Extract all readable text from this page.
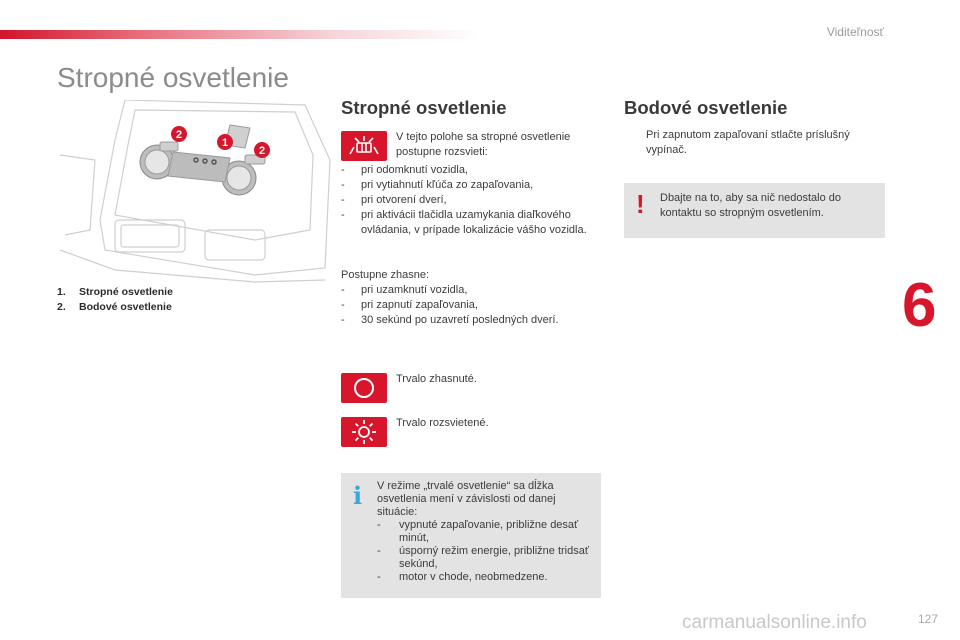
Viditeľnosť
Stropné osvetlenie
2
1
2
1. Stropné osvetlenie
2. Bodové osvetlenie
Stropné osvetlenie
V tejto polohe sa stropné osvetlenie postupne rozsvieti:
-	pri odomknutí vozidla,
-	pri vytiahnutí kľúča zo zapaľovania,
-	pri otvorení dverí,
-	pri aktivácii tlačidla uzamykania diaľkového ovládania, v prípade lokalizácie vášho vozidla.
Postupne zhasne:
-	pri uzamknutí vozidla,
-	pri zapnutí zapaľovania,
-	30 sekúnd po uzavretí posledných dverí.
Trvalo zhasnuté.
Trvalo rozsvietené.
i V režime „trvalé osvetlenie“ sa dĺžka osvetlenia mení v závislosti od danej situácie:
-	vypnuté zapaľovanie, približne desať minút,
-	úsporný režim energie, približne tridsať sekúnd,
-	motor v chode, neobmedzene.
Bodové osvetlenie
Pri zapnutom zapaľovaní stlačte príslušný vypínač.
! Dbajte na to, aby sa nič nedostalo do kontaktu so stropným osvetlením.
6
carmanualsonline.info	127
